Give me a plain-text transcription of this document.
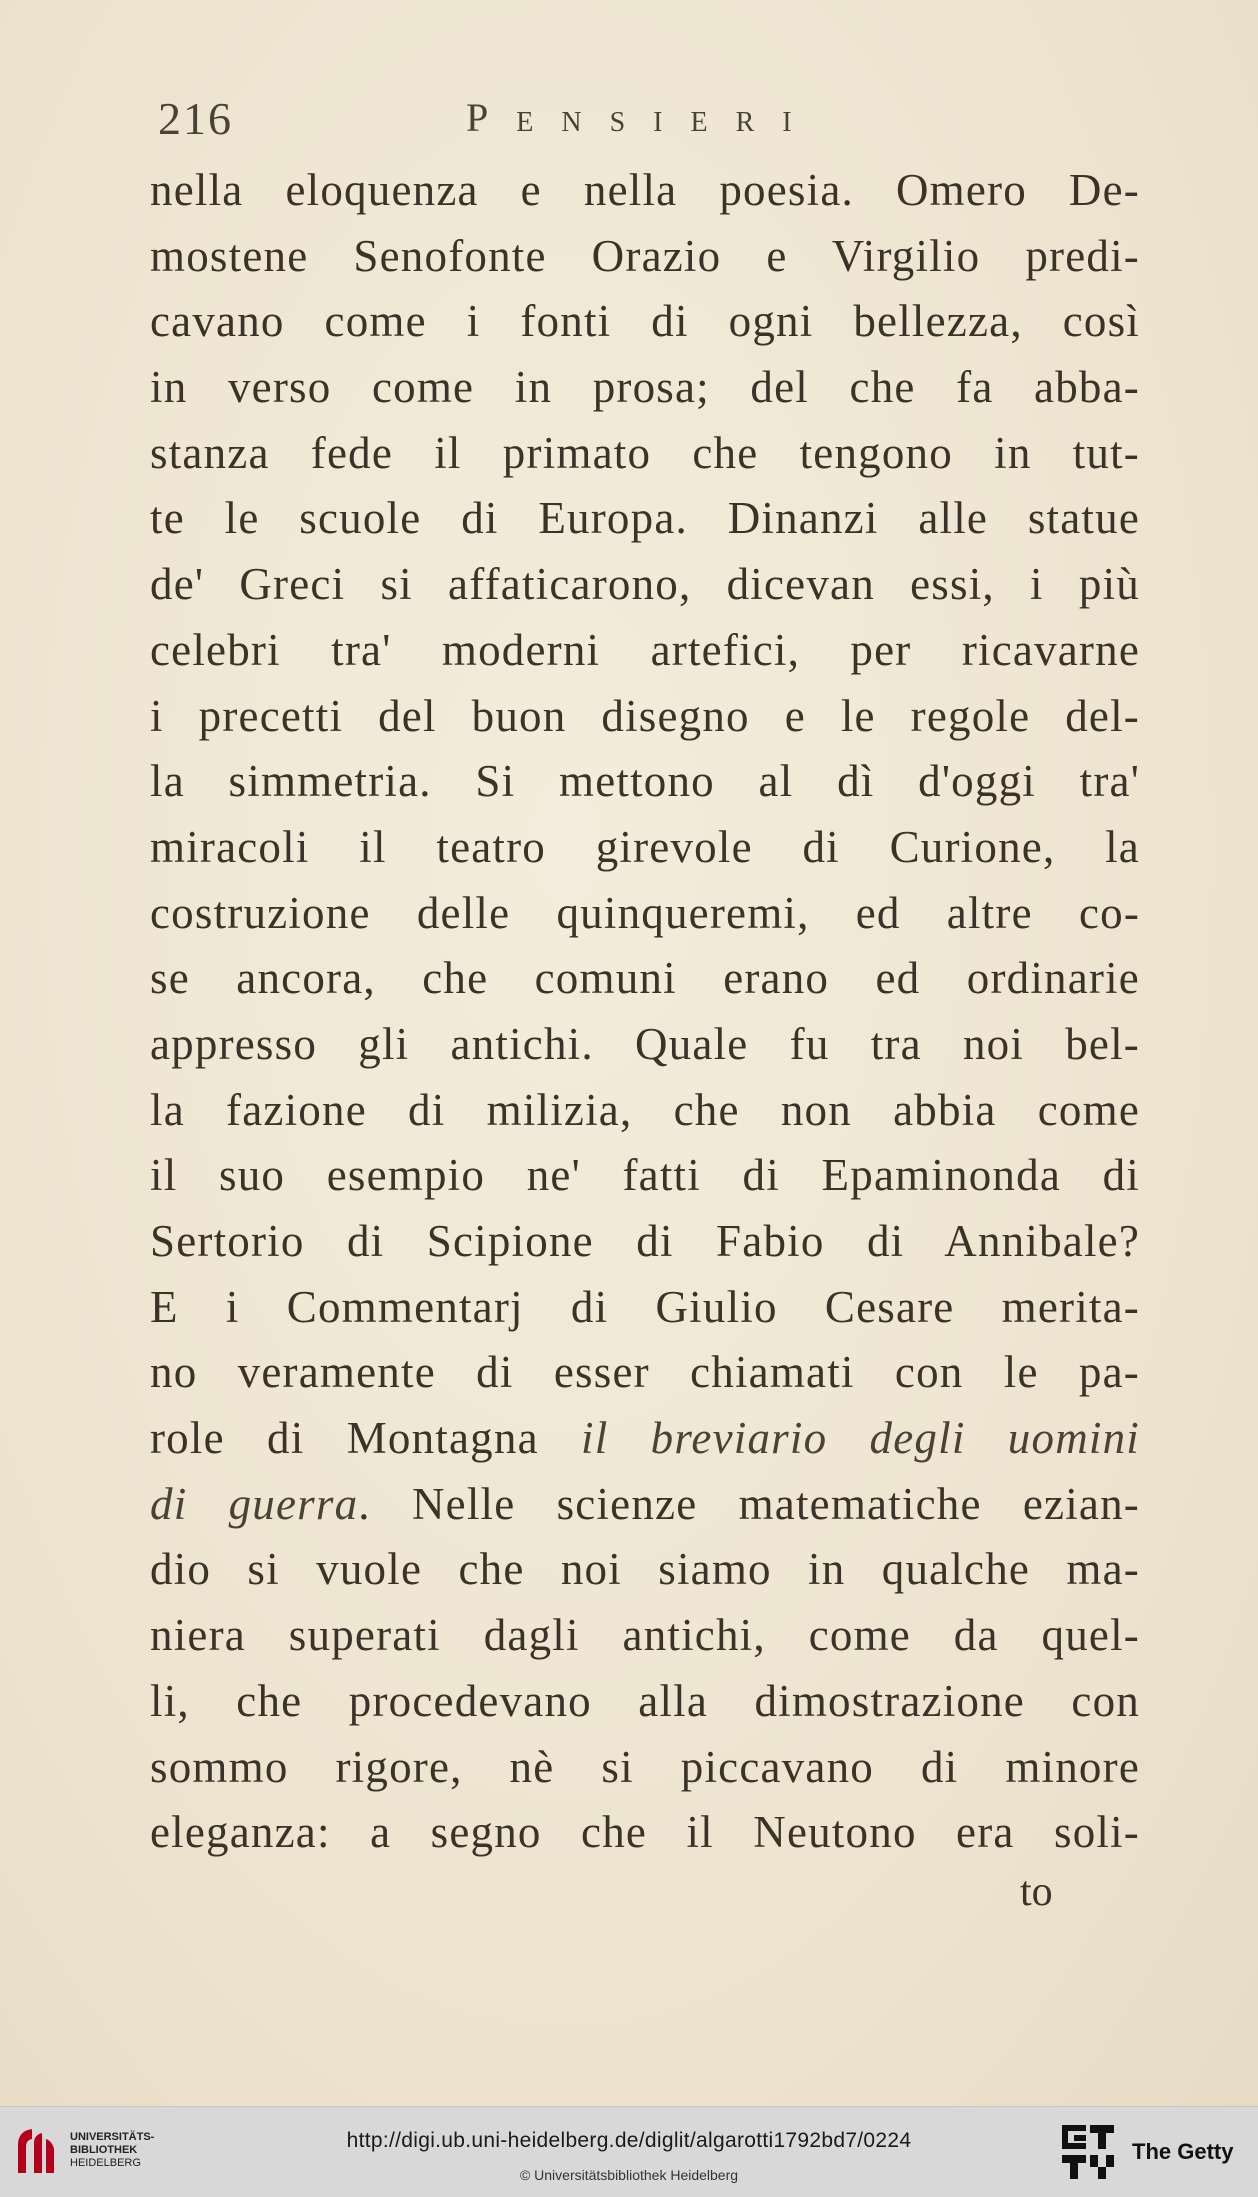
216	Pensieri
nella eloquenza e nella poesia. Omero De-
mostene Senofonte Orazio e Virgilio predi-
cavano come i fonti di ogni bellezza, così
in verso come in prosa; del che fa abba-
stanza fede il primato che tengono in tut-
te le scuole di Europa. Dinanzi alle statue
de' Greci si affaticarono, dicevan essi, i più
celebri tra' moderni artefici, per ricavarne
i precetti del buon disegno e le regole del-
la simmetria. Si mettono al dì d'oggi tra'
miracoli il teatro girevole di Curione, la
costruzione delle quinqueremi, ed altre co-
se ancora, che comuni erano ed ordinarie
appresso gli antichi. Quale fu tra noi bel-
la fazione di milizia, che non abbia come
il suo esempio ne' fatti di Epaminonda di
Sertorio di Scipione di Fabio di Annibale?
E i Commentarj di Giulio Cesare merita-
no veramente di esser chiamati con le pa-
role di Montagna il breviario degli uomini
di guerra. Nelle scienze matematiche ezian-
dio si vuole che noi siamo in qualche ma-
niera superati dagli antichi, come da quel-
li, che procedevano alla dimostrazione con
sommo rigore, nè si piccavano di minore
eleganza: a segno che il Neutono era soli-
to
UNIVERSITÄTS-
BIBLIOTHEK
HEIDELBERG
http://digi.ub.uni-heidelberg.de/diglit/algarotti1792bd7/0224
© Universitätsbibliothek Heidelberg
The Getty
